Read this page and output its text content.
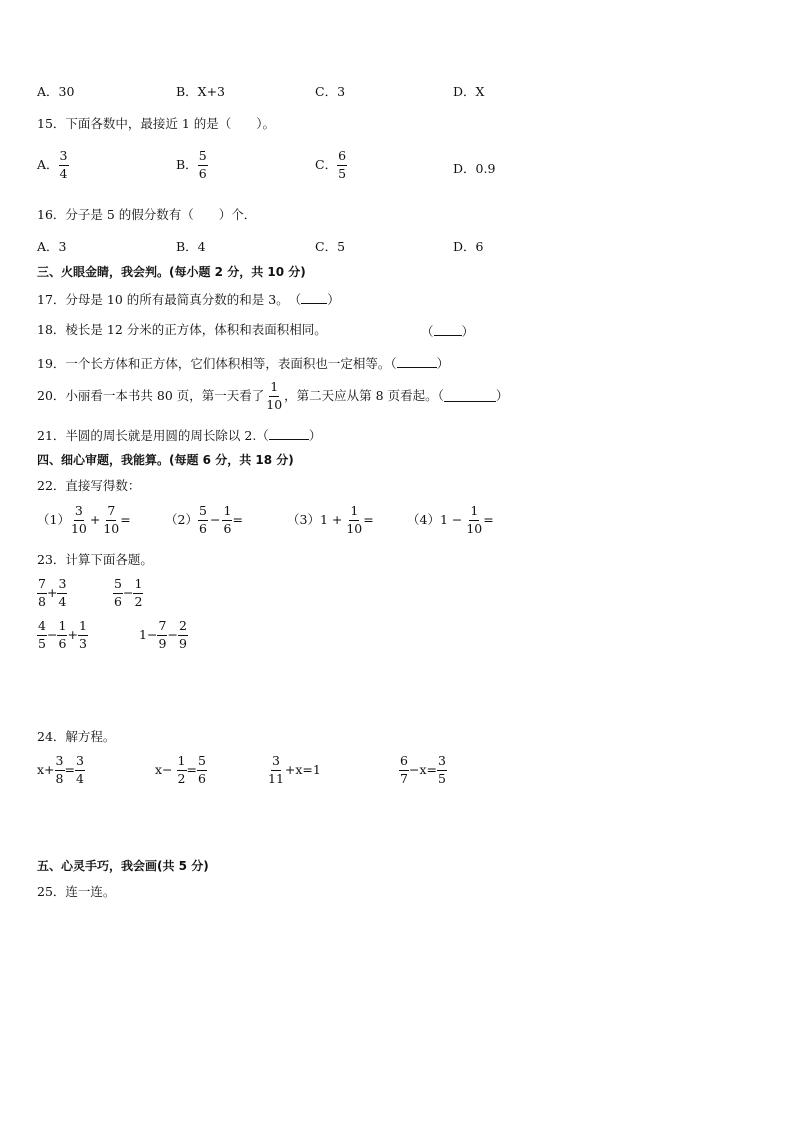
A．30	B．X+3	C．3	D．X
15．下面各数中，最接近 1 的是（　　）。
A． $\frac{3}{4}$	B． $\frac{5}{6}$	C． $\frac{6}{5}$	D．0.9
16．分子是 5 的假分数有（　　）个．
A．3	B．4	C．5	D．6
三、火眼金睛，我会判。(每小题 2 分，共 10 分)
17．分母是 10 的所有最简真分数的和是 3。　（ ）
18．棱长是 12 分米的正方体，体积和表面积相同。	（ ）
19．一个长方体和正方体，它们体积相等，表面积也一定相等。（	）
20．小丽看一本书共 80 页，第一天看了 $\frac{1}{10}$ ，第二天应从第 8 页看起。（	）
21．半圆的周长就是用圆的周长除以 2.（	）
四、细心审题，我能算。(每题 6 分，共 18 分)
22．直接写得数：
$(1) \frac{3}{10} + \frac{7}{10}$ =	$(2) \frac{5}{6} - \frac{1}{6}$ =	$(3)1 + \frac{1}{10}$ =	$(4)1 - \frac{1}{10}$ =
23．计算下面各题。
$\frac{7}{8} + \frac{3}{4}$	$\frac{5}{6} - \frac{1}{2}$
$\frac{4}{5} - \frac{1}{6} + \frac{1}{3}$	$1- \frac{7}{9} - \frac{2}{9}$
24．解方程。
$x+ \frac{3}{8} = \frac{3}{4}$	$x- \frac{1}{2} = \frac{5}{6}$	$\frac{3}{11} +x=1$	$\frac{6}{7} -x= \frac{3}{5}$
五、心灵手巧，我会画(共 5 分)
25．连一连。
